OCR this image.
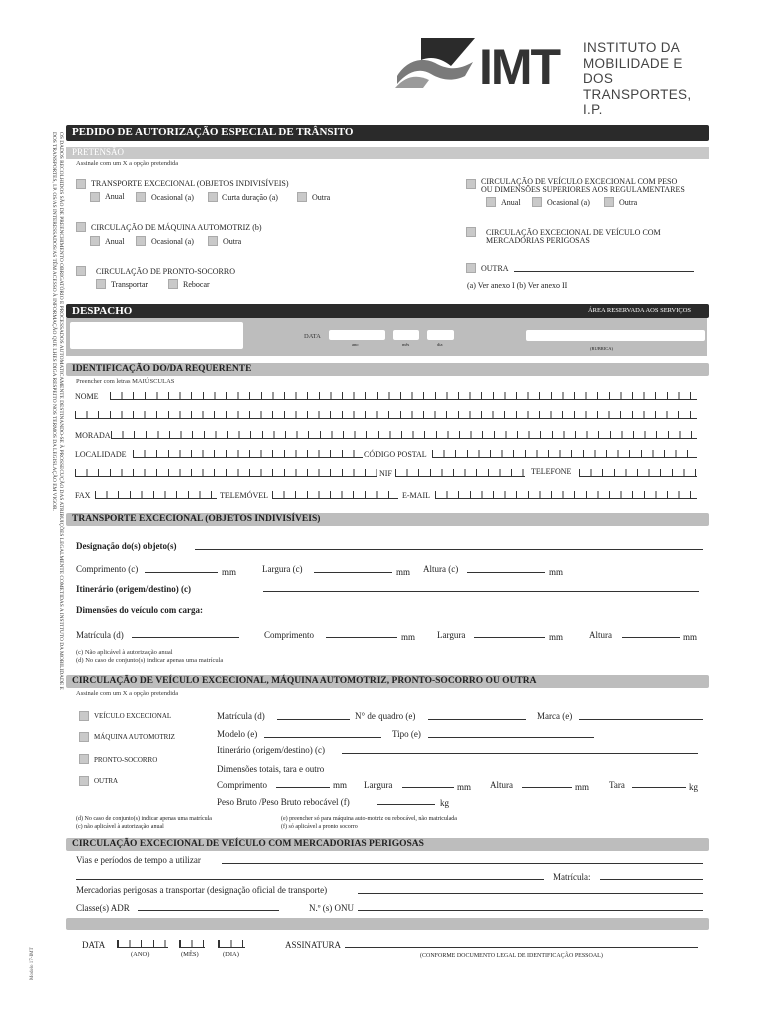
IMT INSTITUTO DA
MOBILIDADE E DOS
TRANSPORTES, I.P.
OS DADOS RECOLHIDOS SÃO DE PREENCHIMENTO OBRIGATÓRIO E PROCESSADOS AUTOMATICAMENTE DESTINANDO-SE À PROSSECUÇÃO DAS ATRIBUIÇÕES LEGALMENTE COMETIDAS A INSTITUTO DA MOBILIDADE E DOS TRANSPORTES, I.P. OS/AS INTERESSADOS/AS TÊM ACESSO À INFORMAÇÃO QUE LHES DIGA RESPEITO NOS TERMOS DA LEGISLAÇÃO EM VIGOR.
Modelo 17-IMT
PEDIDO DE AUTORIZAÇÃO ESPECIAL DE TRÂNSITO
PRETENSÃO
Assinale com um X a opção pretendida
TRANSPORTE EXCECIONAL (OBJETOS INDIVISÍVEIS)
Anual	Ocasional (a)	Curta duração (a)	Outra
CIRCULAÇÃO DE MÁQUINA AUTOMOTRIZ (b)
Anual	Ocasional (a)	Outra
CIRCULAÇÃO DE PRONTO-SOCORRO
Transportar	Rebocar
CIRCULAÇÃO DE VEÍCULO EXCECIONAL COM PESO
OU DIMENSÕES SUPERIORES AOS REGULAMENTARES
Anual	Ocasional (a)	Outra
CIRCULAÇÃO EXCECIONAL DE VEÍCULO COM
MERCADORIAS PERIGOSAS
OUTRA
(a) Ver anexo I (b) Ver anexo II
DESPACHO	ÁREA RESERVADA AOS SERVIÇOS
DATA
ano	mês	dia
(RUBRICA)
IDENTIFICAÇÃO DO/DA REQUERENTE
Preencher com letras MAIÚSCULAS
NOME
MORADA
LOCALIDADE	CÓDIGO POSTAL
NIF	TELEFONE
FAX	TELEMÓVEL	E-MAIL
TRANSPORTE EXCECIONAL (OBJETOS INDIVISÍVEIS)
Designação do(s) objeto(s)
Comprimento (c)	mm	Largura (c)	mm Altura (c)	mm
Itinerário (origem/destino) (c)
Dimensões do veículo com carga:
Matrícula (d)	Comprimento	mm Largura	mm	Altura	mm
(c) Não aplicável à autorização anual
(d) No caso de conjunto(s) indicar apenas uma matrícula
CIRCULAÇÃO DE VEÍCULO EXCECIONAL, MÁQUINA AUTOMOTRIZ, PRONTO-SOCORRO OU OUTRA
Assinale com um X a opção pretendida
VEÍCULO EXCECIONAL
MÁQUINA AUTOMOTRIZ
PRONTO-SOCORRO
OUTRA
Matrícula (d)	N° de quadro (e)	Marca (e)
Modelo (e)	Tipo (e)
Itinerário (origem/destino) (c)
Dimensões totais, tara e outro
Comprimento	mm Largura	mm Altura	mm Tara	kg
Peso Bruto /Peso Bruto rebocável (f)	kg
(d) No caso de conjunto(s) indicar apenas uma matrícula
(c) não aplicável à autorização anual
(e) preencher só para máquina auto-motriz ou rebocável, não matriculada
(f) só aplicável a pronto socorro
CIRCULAÇÃO EXCECIONAL DE VEÍCULO COM MERCADORIAS PERIGOSAS
Vias e períodos de tempo a utilizar
Matrícula:
Mercadorias perigosas a transportar (designação oficial de transporte)
Classe(s) ADR	N.º (s) ONU
DATA
(ANO)	(MÊS)	(DIA)
ASSINATURA
(CONFORME DOCUMENTO LEGAL DE IDENTIFICAÇÃO PESSOAL)
